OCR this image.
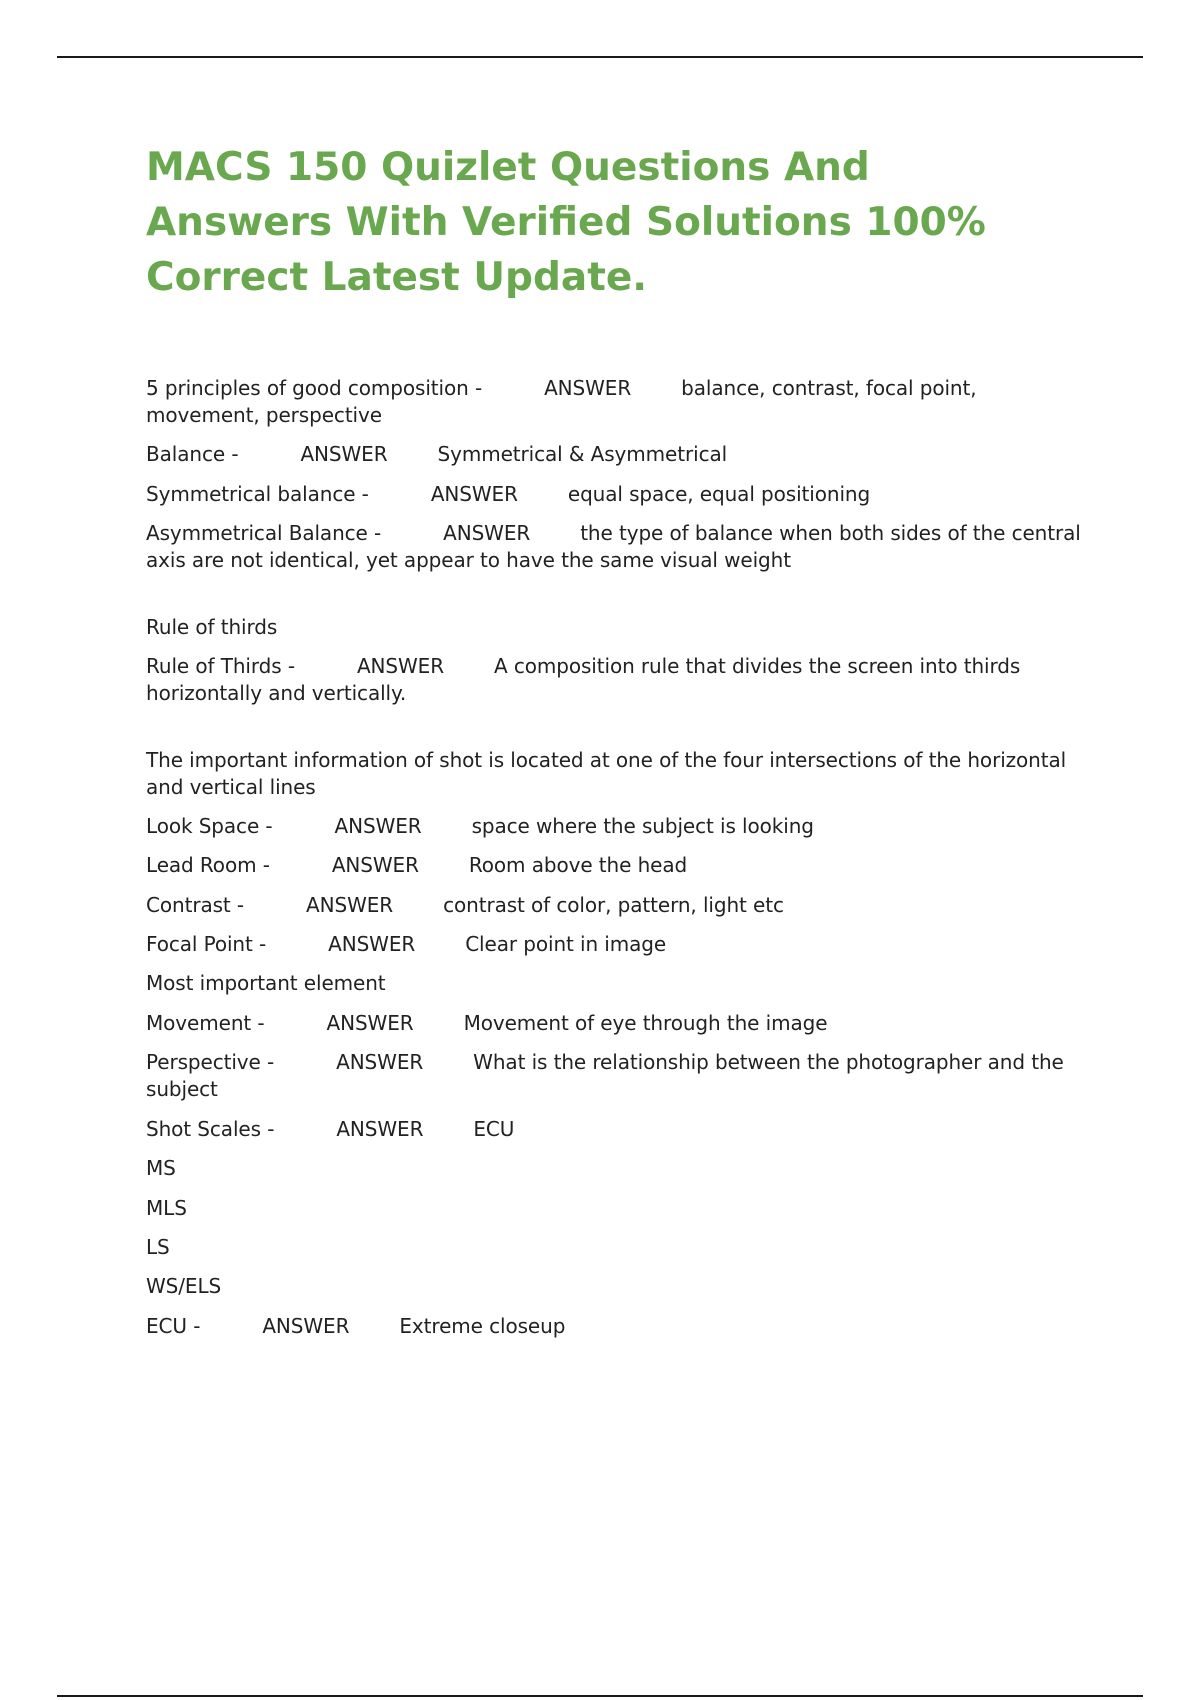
MACS 150 Quizlet Questions And Answers With Verified Solutions 100% Correct Latest Update.

5 principles of good composition -	ANSWER	balance, contrast, focal point, movement, perspective

Balance -	ANSWER	Symmetrical & Asymmetrical

Symmetrical balance -	ANSWER	equal space, equal positioning

Asymmetrical Balance -	ANSWER	the type of balance when both sides of the central axis are not identical, yet appear to have the same visual weight

Rule of thirds

Rule of Thirds -	ANSWER	A composition rule that divides the screen into thirds horizontally and vertically.

The important information of shot is located at one of the four intersections of the horizontal and vertical lines

Look Space -	ANSWER	space where the subject is looking

Lead Room -	ANSWER	Room above the head

Contrast -	ANSWER	contrast of color, pattern, light etc

Focal Point -	ANSWER	Clear point in image

Most important element

Movement -	ANSWER	Movement of eye through the image

Perspective -	ANSWER	What is the relationship between the photographer and the subject

Shot Scales -	ANSWER	ECU

MS

MLS

LS

WS/ELS

ECU -	ANSWER	Extreme closeup
